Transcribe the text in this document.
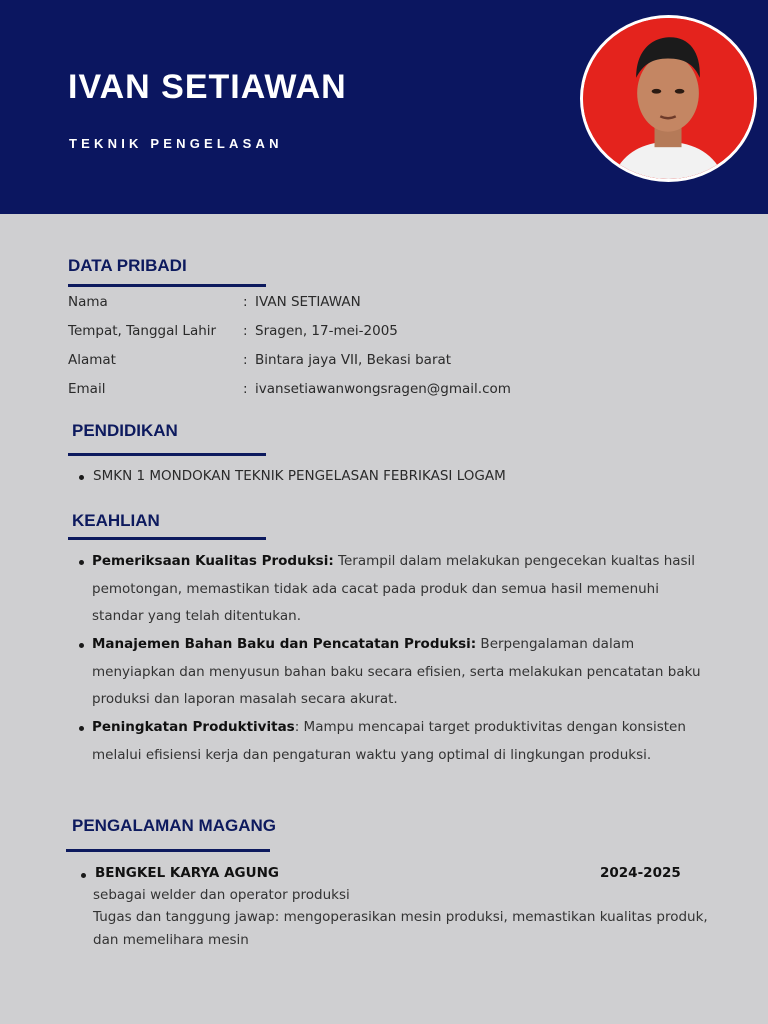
IVAN SETIAWAN
TEKNIK PENGELASAN
DATA PRIBADI
Nama	: IVAN SETIAWAN
Tempat, Tanggal Lahir : Sragen, 17-mei-2005
Alamat	: Bintara jaya VII, Bekasi barat
Email	: ivansetiawanwongsragen@gmail.com
PENDIDIKAN
SMKN 1 MONDOKAN TEKNIK PENGELASAN FEBRIKASI LOGAM
KEAHLIAN
Pemeriksaan Kualitas Produksi: Terampil dalam melakukan pengecekan kualtas hasil pemotongan, memastikan tidak ada cacat pada produk dan semua hasil memenuhi standar yang telah ditentukan.
Manajemen Bahan Baku dan Pencatatan Produksi: Berpengalaman dalam menyiapkan dan menyusun bahan baku secara efisien, serta melakukan pencatatan baku produksi dan laporan masalah secara akurat.
Peningkatan Produktivitas: Mampu mencapai target produktivitas dengan konsisten melalui efisiensi kerja dan pengaturan waktu yang optimal di lingkungan produksi.
PENGALAMAN MAGANG
BENGKEL KARYA AGUNG	2024-2025
sebagai welder dan operator produksi
Tugas dan tanggung jawap: mengoperasikan mesin produksi, memastikan kualitas produk, dan memelihara mesin
